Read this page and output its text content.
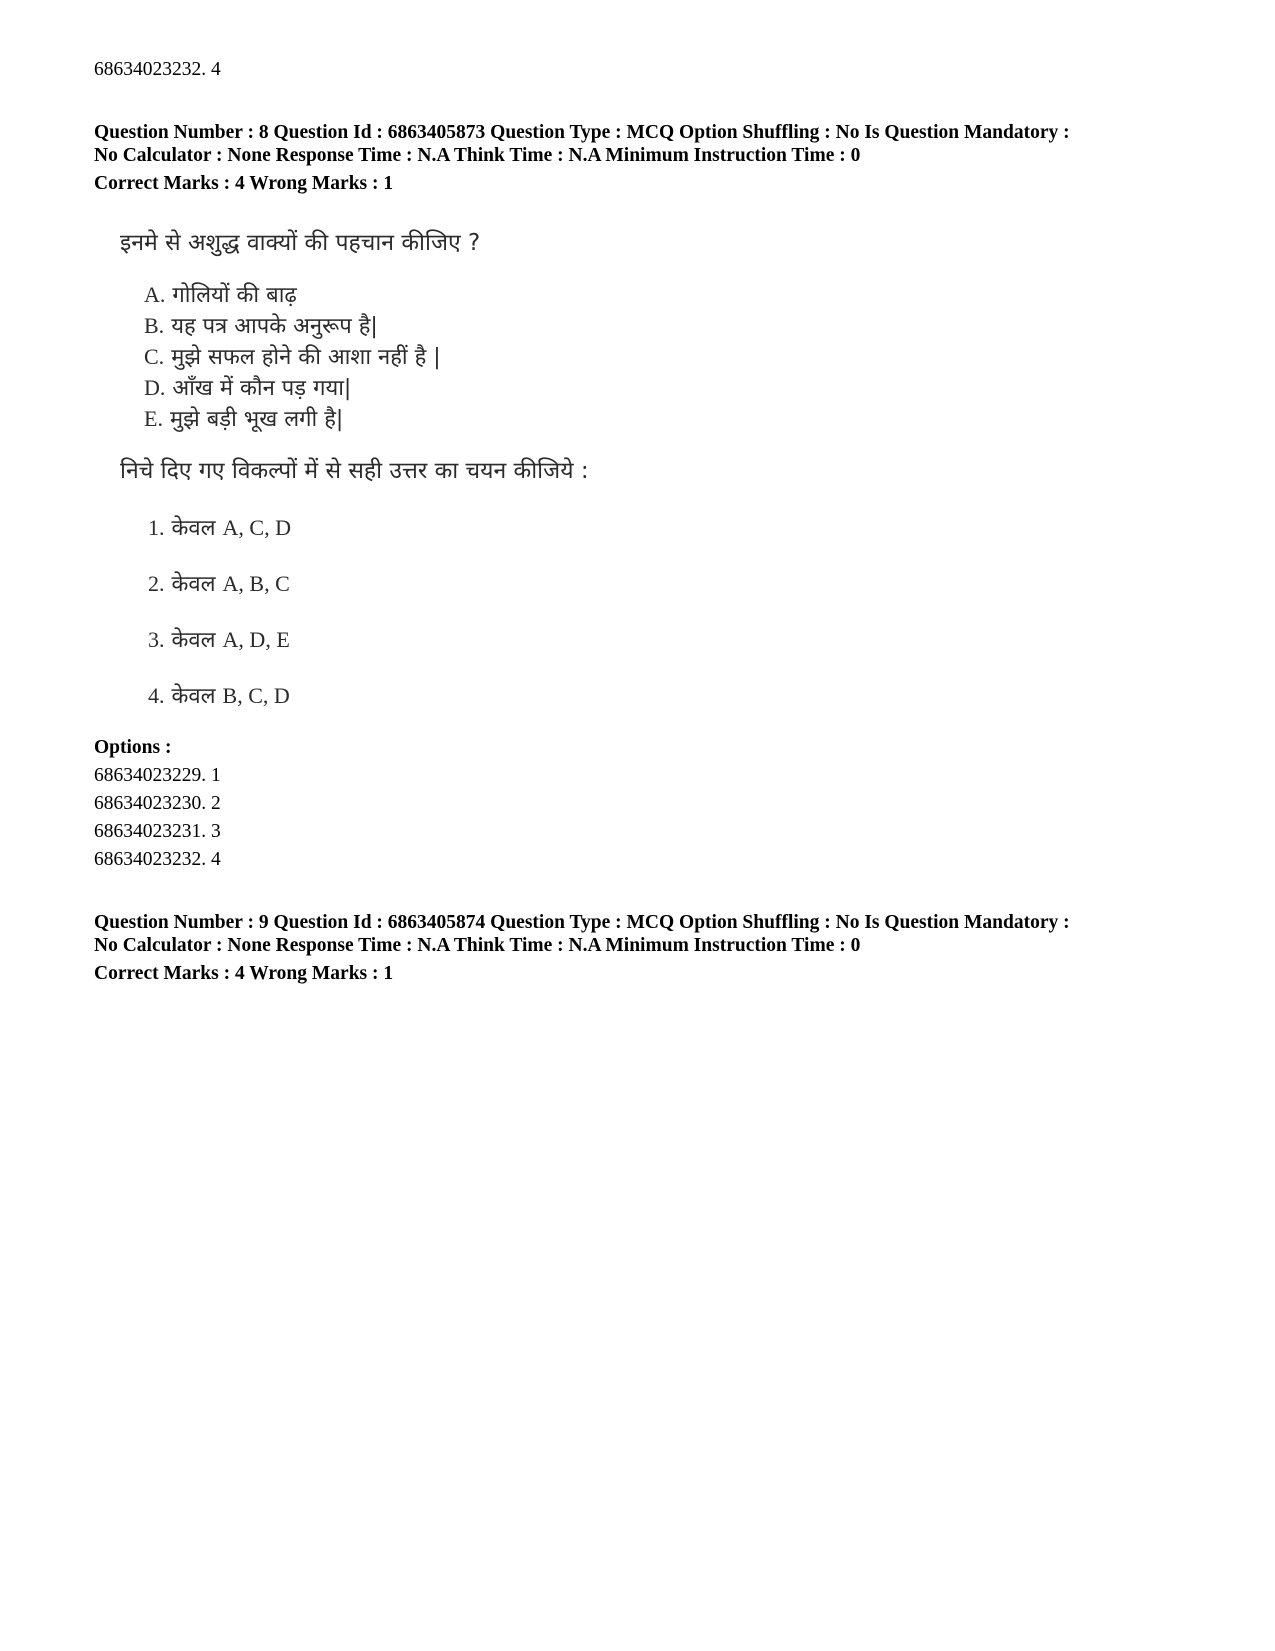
68634023232. 4
Question Number : 8 Question Id : 6863405873 Question Type : MCQ Option Shuffling : No Is Question Mandatory :
No Calculator : None Response Time : N.A Think Time : N.A Minimum Instruction Time : 0
Correct Marks : 4 Wrong Marks : 1
इनमे से अशुद्ध वाक्यों की पहचान कीजिए ?
A. गोलियों की बाढ़
B. यह पत्र आपके अनुरूप है|
C. मुझे सफल होने की आशा नहीं है |
D. आँख में कौन पड़ गया|
E. मुझे बड़ी भूख लगी है|
निचे दिए गए विकल्पों में से सही उत्तर का चयन कीजिये :
1. केवल A, C, D
2. केवल A, B, C
3. केवल A, D, E
4. केवल B, C, D
Options :
68634023229. 1
68634023230. 2
68634023231. 3
68634023232. 4
Question Number : 9 Question Id : 6863405874 Question Type : MCQ Option Shuffling : No Is Question Mandatory :
No Calculator : None Response Time : N.A Think Time : N.A Minimum Instruction Time : 0
Correct Marks : 4 Wrong Marks : 1
